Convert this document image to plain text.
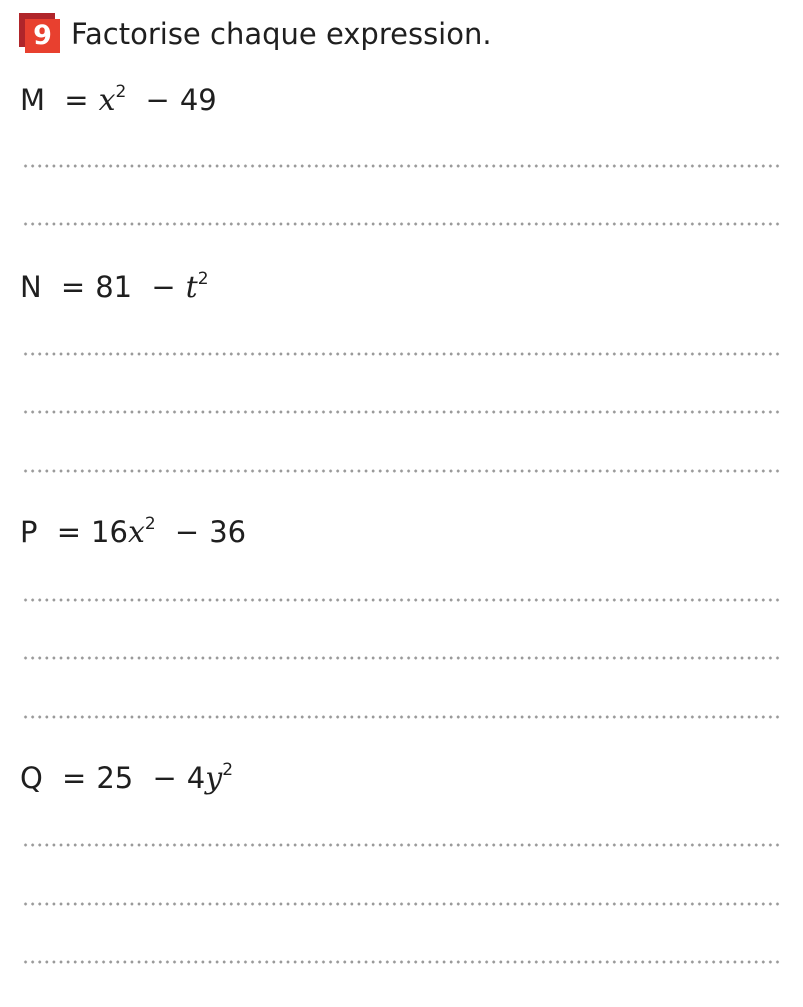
9 Factorise chaque expression.
$M = x^2 - 49$
$N = 81 - t^2$
$P = 16x^2 - 36$
$Q = 25 - 4y^2$
